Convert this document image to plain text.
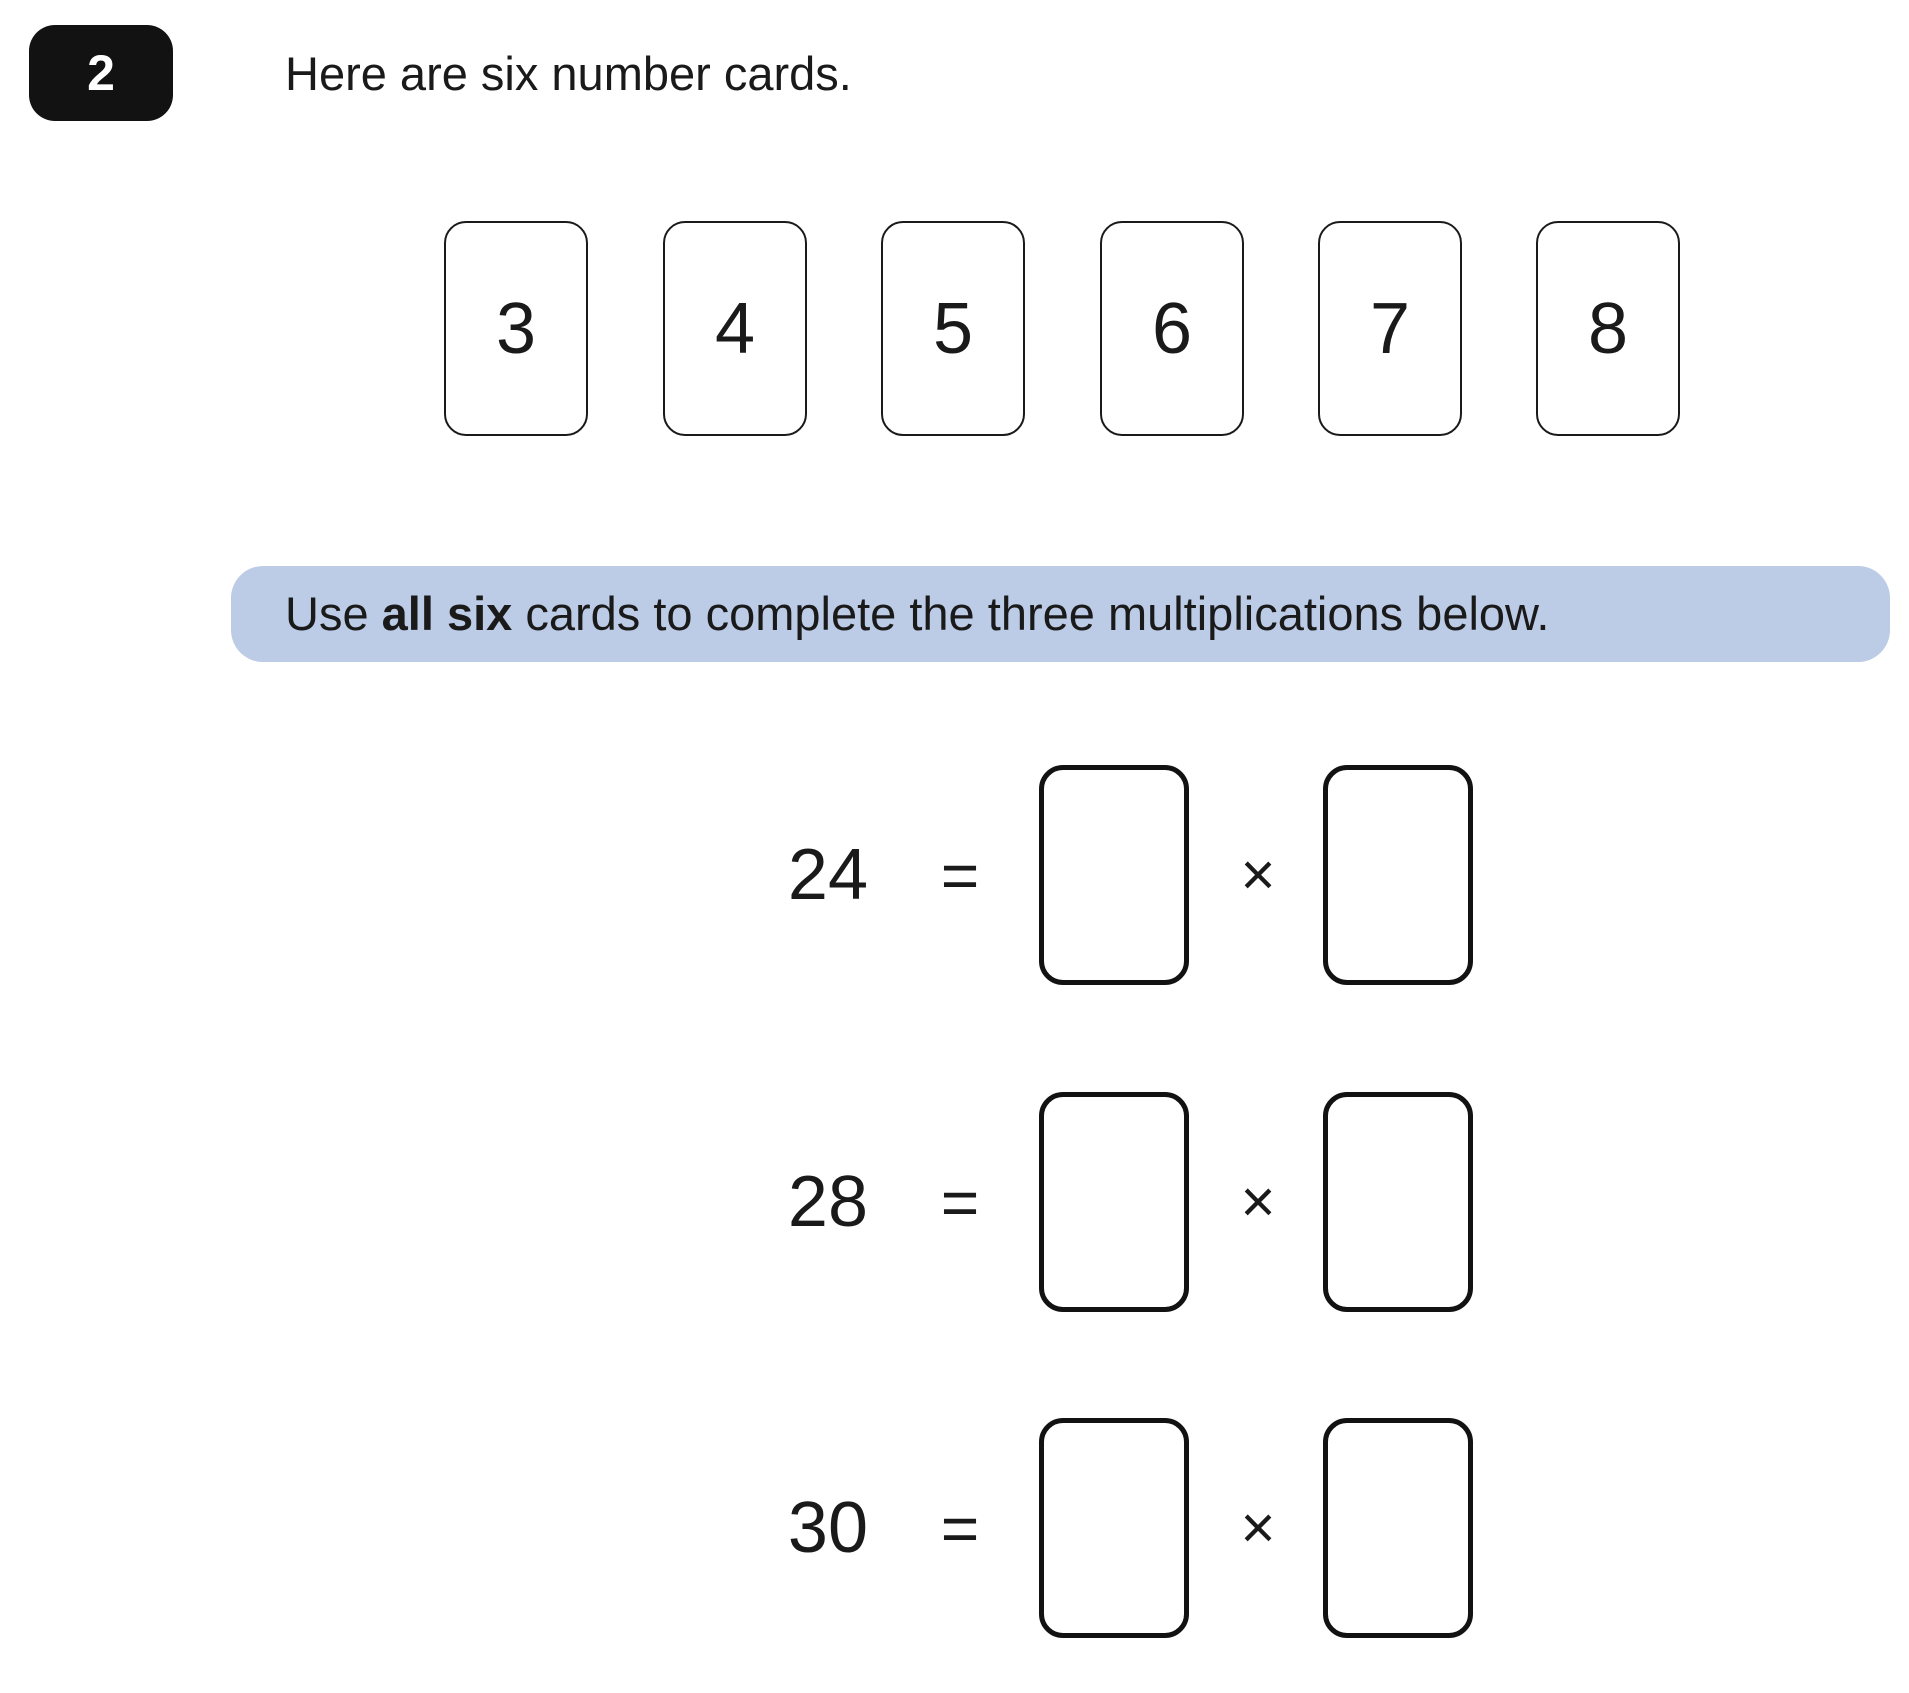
2	Here are six number cards.
3	4	5	6	7	8
Use all six cards to complete the three multiplications below.
24 =	×
28 =	×
30 =	×
